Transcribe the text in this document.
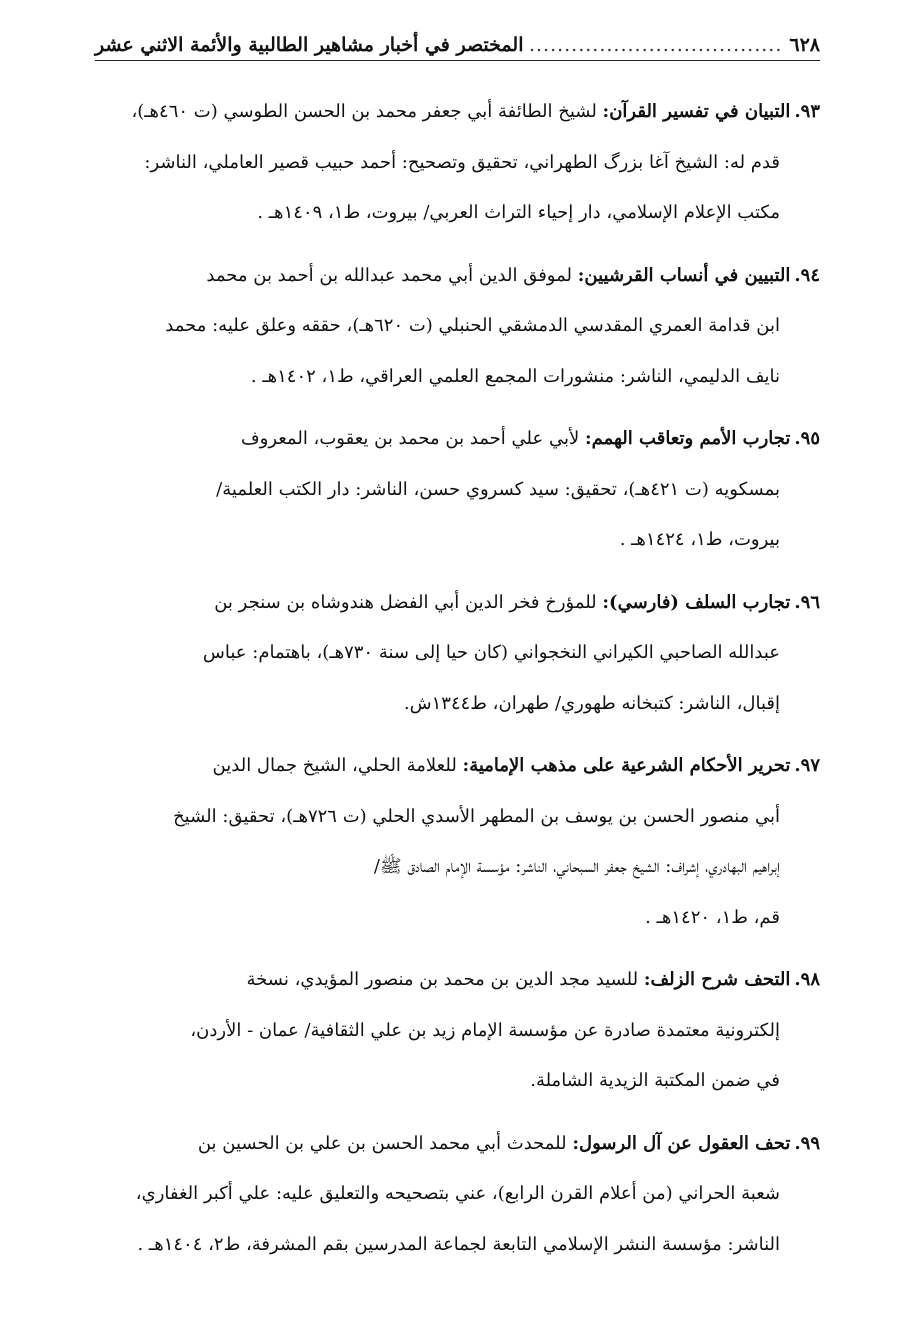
٦٢٨
.....
المختصر في أخبار مشاهير الطالبية والأئمة الاثني عشر
٩٣.التبيان في تفسير القرآن: لشيخ الطائفة أبي جعفر محمد بن الحسن الطوسي (ت ٤٦٠هـ)،
قدم له: الشيخ آغا بزرگ الطهراني، تحقيق وتصحيح: أحمد حبيب قصير العاملي، الناشر:
مكتب الإعلام الإسلامي، دار إحياء التراث العربي/ بيروت، ط١، ١٤٠٩هـ .
٩٤.التبيين في أنساب القرشيين: لموفق الدين أبي محمد عبدالله بن أحمد بن محمد
ابن قدامة العمري المقدسي الدمشقي الحنبلي (ت ٦٢٠هـ)، حققه وعلق عليه: محمد
نايف الدليمي، الناشر: منشورات المجمع العلمي العراقي، ط١، ١٤٠٢هـ .
٩٥.تجارب الأمم وتعاقب الهمم: لأبي علي أحمد بن محمد بن يعقوب، المعروف
بمسكويه (ت ٤٢١هـ)، تحقيق: سيد كسروي حسن، الناشر: دار الكتب العلمية/
بيروت، ط١، ١٤٢٤هـ .
٩٦.تجارب السلف (فارسي): للمؤرخ فخر الدين أبي الفضل هندوشاه بن سنجر بن
عبدالله الصاحبي الكيراني النخجواني (كان حيا إلى سنة ٧٣٠هـ)، باهتمام: عباس
إقبال، الناشر: كتبخانه طهوري/ طهران، ط١٣٤٤ش.
٩٧.تحرير الأحكام الشرعية على مذهب الإمامية: للعلامة الحلي، الشيخ جمال الدين
أبي منصور الحسن بن يوسف بن المطهر الأسدي الحلي (ت ٧٢٦هـ)، تحقيق: الشيخ
إبراهيم البهادري، إشراف: الشيخ جعفر السبحاني، الناشر: مؤسسة الإمام الصادق ﷺ/
قم، ط١، ١٤٢٠هـ .
٩٨.التحف شرح الزلف: للسيد مجد الدين بن محمد بن منصور المؤيدي، نسخة
إلكترونية معتمدة صادرة عن مؤسسة الإمام زيد بن علي الثقافية/ عمان - الأردن،
في ضمن المكتبة الزيدية الشاملة.
٩٩.تحف العقول عن آل الرسول: للمحدث أبي محمد الحسن بن علي بن الحسين بن
شعبة الحراني (من أعلام القرن الرابع)، عني بتصحيحه والتعليق عليه: علي أكبر الغفاري،
الناشر: مؤسسة النشر الإسلامي التابعة لجماعة المدرسين بقم المشرفة، ط٢، ١٤٠٤هـ .
